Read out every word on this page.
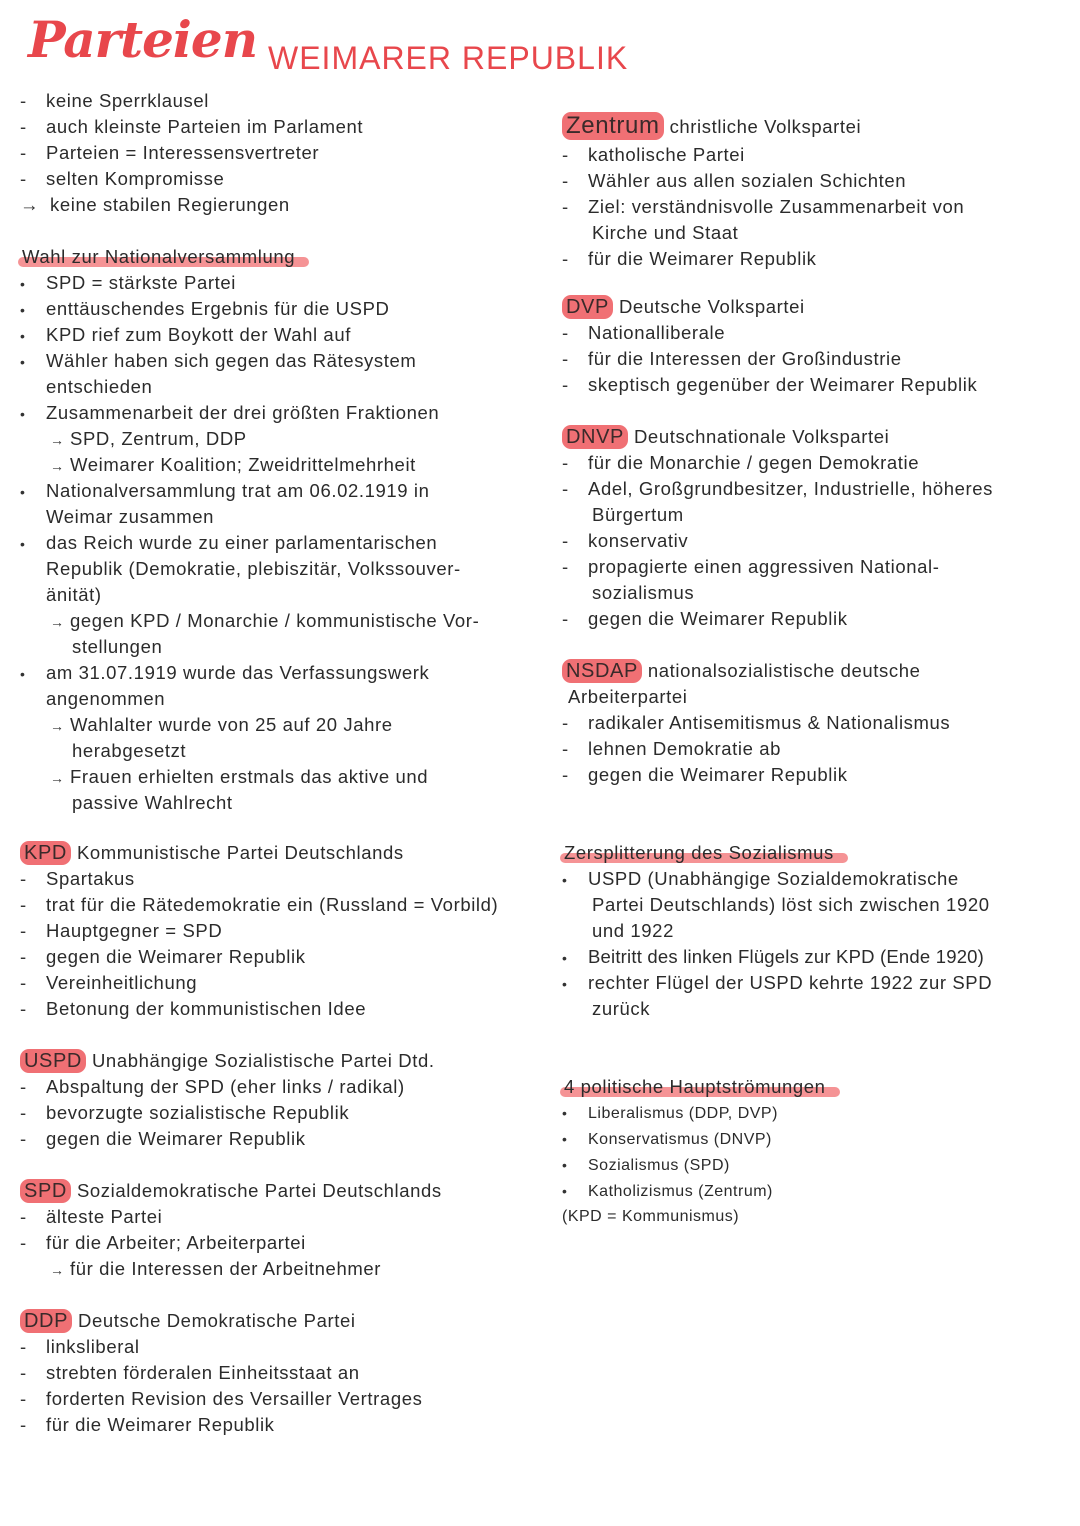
Parteien WEIMARER REPUBLIK
- keine Sperrklausel
- auch kleinste Parteien im Parlament
- Parteien = Interessensvertreter
- selten Kompromisse
→ keine stabilen Regierungen
Wahl zur Nationalversammlung
• SPD = stärkste Partei
• enttäuschendes Ergebnis für die USPD
• KPD rief zum Boykott der Wahl auf
• Wähler haben sich gegen das Rätesystem
entschieden
• Zusammenarbeit der drei größten Fraktionen
→ SPD, Zentrum, DDP
→ Weimarer Koalition; Zweidrittelmehrheit
• Nationalversammlung trat am 06.02.1919 in
Weimar zusammen
• das Reich wurde zu einer parlamentarischen
Republik (Demokratie, plebiszitär, Volkssouver-
änität)
→ gegen KPD / Monarchie / kommunistische Vor-
stellungen
• am 31.07.1919 wurde das Verfassungswerk
angenommen
→ Wahlalter wurde von 25 auf 20 Jahre
herabgesetzt
→ Frauen erhielten erstmals das aktive und
passive Wahlrecht
KPD Kommunistische Partei Deutschlands
- Spartakus
- trat für die Rätedemokratie ein (Russland = Vorbild)
- Hauptgegner = SPD
- gegen die Weimarer Republik
- Vereinheitlichung
- Betonung der kommunistischen Idee
USPD Unabhängige Sozialistische Partei Dtd.
- Abspaltung der SPD (eher links / radikal)
- bevorzugte sozialistische Republik
- gegen die Weimarer Republik
SPD Sozialdemokratische Partei Deutschlands
- älteste Partei
- für die Arbeiter; Arbeiterpartei
→ für die Interessen der Arbeitnehmer
DDP Deutsche Demokratische Partei
- linksliberal
- strebten förderalen Einheitsstaat an
- forderten Revision des Versailler Vertrages
- für die Weimarer Republik
Zentrum christliche Volkspartei
- katholische Partei
- Wähler aus allen sozialen Schichten
- Ziel: verständnisvolle Zusammenarbeit von
Kirche und Staat
- für die Weimarer Republik
DVP Deutsche Volkspartei
- Nationalliberale
- für die Interessen der Großindustrie
- skeptisch gegenüber der Weimarer Republik
DNVP Deutschnationale Volkspartei
- für die Monarchie / gegen Demokratie
- Adel, Großgrundbesitzer, Industrielle, höheres
Bürgertum
- konservativ
- propagierte einen aggressiven National-
sozialismus
- gegen die Weimarer Republik
NSDAP nationalsozialistische deutsche
Arbeiterpartei
- radikaler Antisemitismus & Nationalismus
- lehnen Demokratie ab
- gegen die Weimarer Republik
Zersplitterung des Sozialismus
• USPD (Unabhängige Sozialdemokratische
Partei Deutschlands) löst sich zwischen 1920
und 1922
• Beitritt des linken Flügels zur KPD (Ende 1920)
• rechter Flügel der USPD kehrte 1922 zur SPD
zurück
4 politische Hauptströmungen
• Liberalismus (DDP, DVP)
• Konservatismus (DNVP)
• Sozialismus (SPD)
• Katholizismus (Zentrum)
(KPD = Kommunismus)
